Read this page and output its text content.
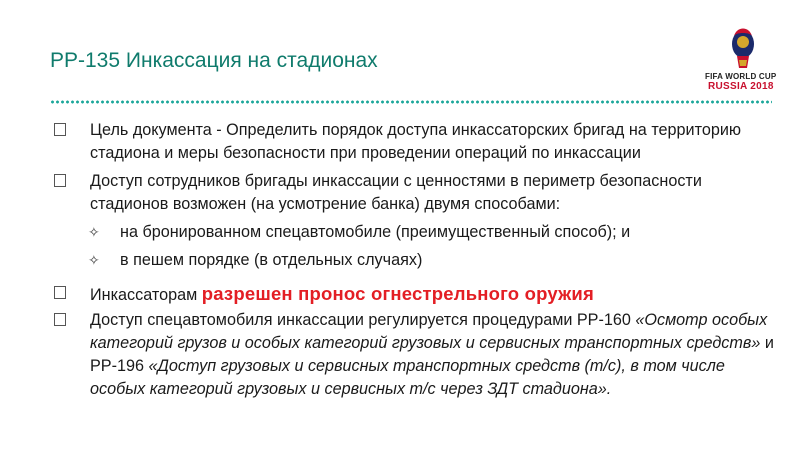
РР-135 Инкассация на стадионах
FIFA WORLD CUP
RUSSIA 2018

Цель документа - Определить порядок доступа инкассаторских бригад на территорию стадиона и меры безопасности при проведении операций по инкассации

Доступ сотрудников бригады инкассации с ценностями в периметр безопасности стадионов возможен (на усмотрение банка) двумя способами:

✧ на бронированном спецавтомобиле (преимущественный способ); и

✧ в пешем порядке (в отдельных случаях)

Инкассаторам разрешен пронос огнестрельного оружия

Доступ спецавтомобиля инкассации регулируется процедурами РР-160 «Осмотр особых категорий грузов и особых категорий грузовых и сервисных транспортных средств» и РР-196 «Доступ грузовых и сервисных транспортных средств (т/с), в том числе особых категорий грузовых и сервисных т/с через ЗДТ стадиона».
